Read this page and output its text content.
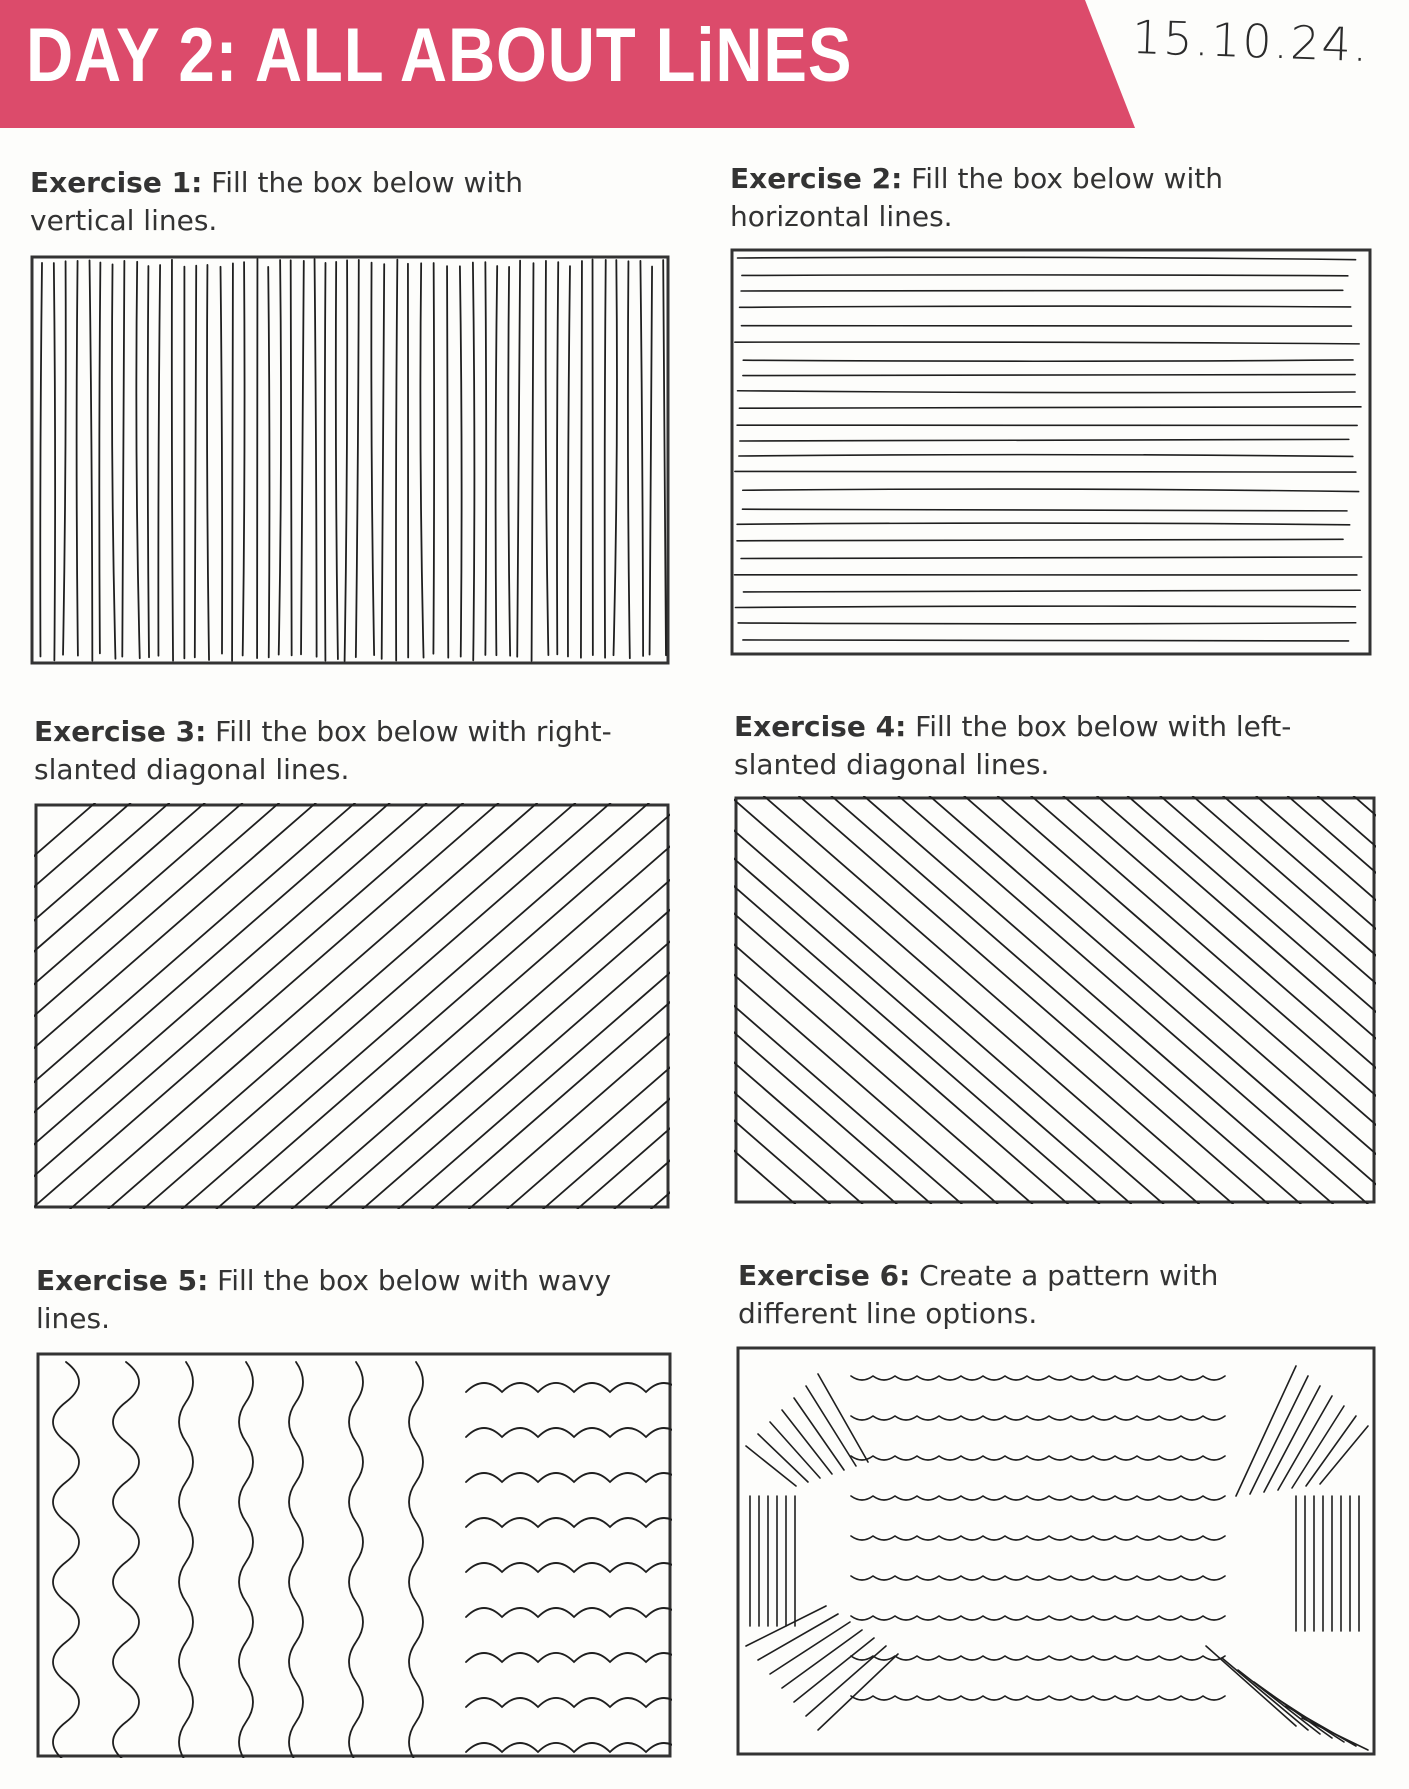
DAY 2: ALL ABOUT LiNES	15.10.24.
Exercise 1: Fill the box below with vertical lines.
Exercise 2: Fill the box below with horizontal lines.
Exercise 3: Fill the box below with right-slanted diagonal lines.
Exercise 4: Fill the box below with left-slanted diagonal lines.
Exercise 5: Fill the box below with wavy lines.
Exercise 6: Create a pattern with different line options.
